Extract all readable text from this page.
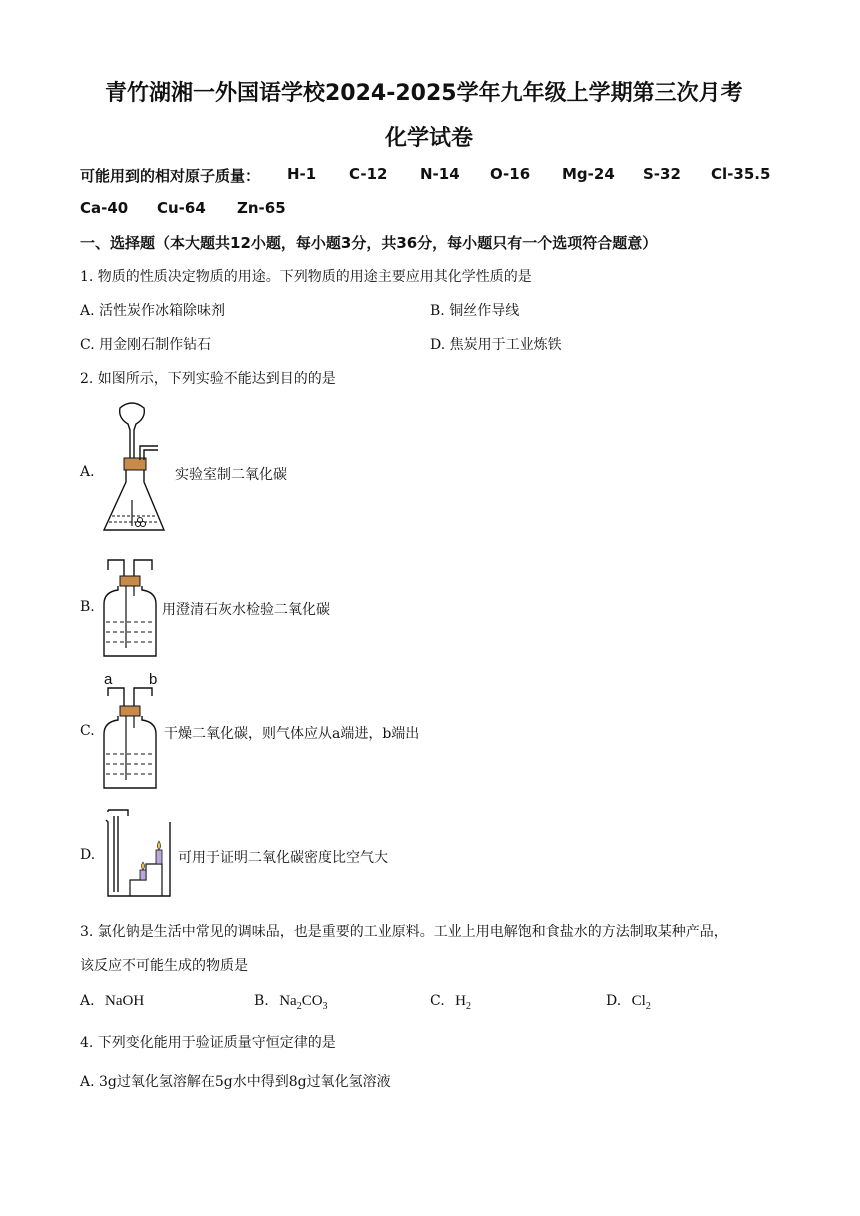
青竹湖湘一外国语学校2024-2025学年九年级上学期第三次月考
化学试卷
可能用到的相对原子质量： H-1 C-12 N-14 O-16 Mg-24 S-32 Cl-35.5
Ca-40 Cu-64 Zn-65
一、选择题（本大题共12小题，每小题3分，共36分，每小题只有一个选项符合题意）
1. 物质的性质决定物质的用途。下列物质的用途主要应用其化学性质的是
A. 活性炭作冰箱除味剂	B. 铜丝作导线
C. 用金刚石制作钻石	D. 焦炭用于工业炼铁
2. 如图所示，下列实验不能达到目的的是
A.	实验室制二氧化碳
B.	用澄清石灰水检验二氧化碳
a b
C.	干燥二氧化碳，则气体应从a端进，b端出
D.	可用于证明二氧化碳密度比空气大
3. 氯化钠是生活中常见的调味品，也是重要的工业原料。工业上用电解饱和食盐水的方法制取某种产品，
该反应不可能生成的物质是
A. NaOH	B. $Na_2CO_3$	C. $H_2$	D. $Cl_2$
4. 下列变化能用于验证质量守恒定律的是
A. 3g过氧化氢溶解在5g水中得到8g过氧化氢溶液
